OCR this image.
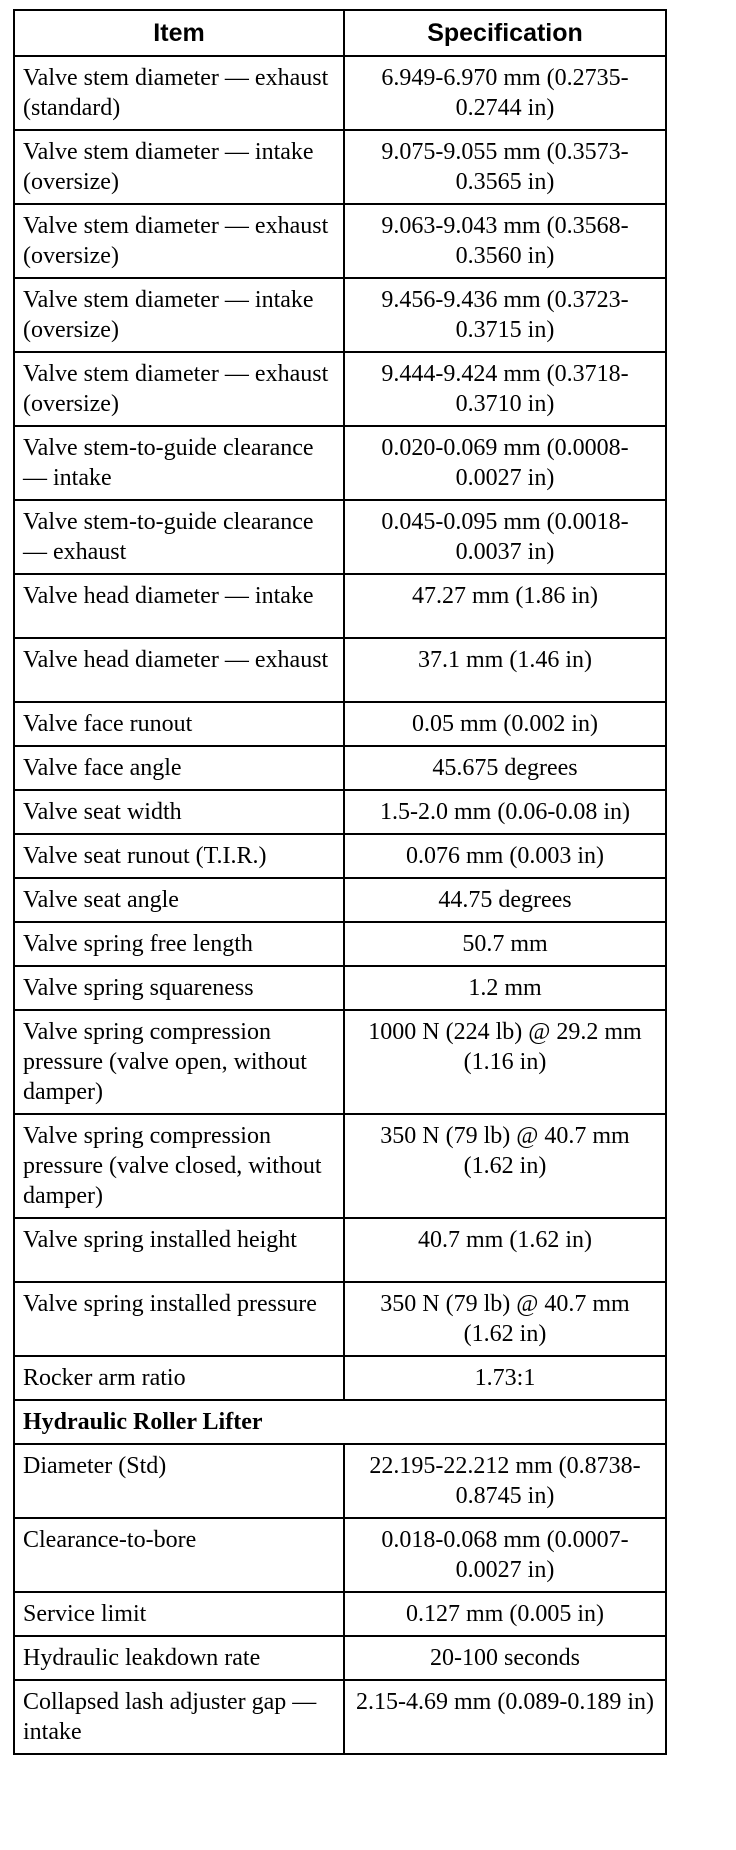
Item	Specification
Valve stem diameter — exhaust (standard)	6.949-6.970 mm (0.2735-0.2744 in)
Valve stem diameter — intake (oversize)	9.075-9.055 mm (0.3573-0.3565 in)
Valve stem diameter — exhaust (oversize)	9.063-9.043 mm (0.3568-0.3560 in)
Valve stem diameter — intake (oversize)	9.456-9.436 mm (0.3723-0.3715 in)
Valve stem diameter — exhaust (oversize)	9.444-9.424 mm (0.3718-0.3710 in)
Valve stem-to-guide clearance — intake	0.020-0.069 mm (0.0008-0.0027 in)
Valve stem-to-guide clearance — exhaust	0.045-0.095 mm (0.0018-0.0037 in)
Valve head diameter — intake	47.27 mm (1.86 in)
Valve head diameter — exhaust	37.1 mm (1.46 in)
Valve face runout	0.05 mm (0.002 in)
Valve face angle	45.675 degrees
Valve seat width	1.5-2.0 mm (0.06-0.08 in)
Valve seat runout (T.I.R.)	0.076 mm (0.003 in)
Valve seat angle	44.75 degrees
Valve spring free length	50.7 mm
Valve spring squareness	1.2 mm
Valve spring compression pressure (valve open, without damper)	1000 N (224 lb) @ 29.2 mm (1.16 in)
Valve spring compression pressure (valve closed, without damper)	350 N (79 lb) @ 40.7 mm (1.62 in)
Valve spring installed height	40.7 mm (1.62 in)
Valve spring installed pressure	350 N (79 lb) @ 40.7 mm (1.62 in)
Rocker arm ratio	1.73:1
Hydraulic Roller Lifter	
Diameter (Std)	22.195-22.212 mm (0.8738-0.8745 in)
Clearance-to-bore	0.018-0.068 mm (0.0007-0.0027 in)
Service limit	0.127 mm (0.005 in)
Hydraulic leakdown rate	20-100 seconds
Collapsed lash adjuster gap — intake	2.15-4.69 mm (0.089-0.189 in)
